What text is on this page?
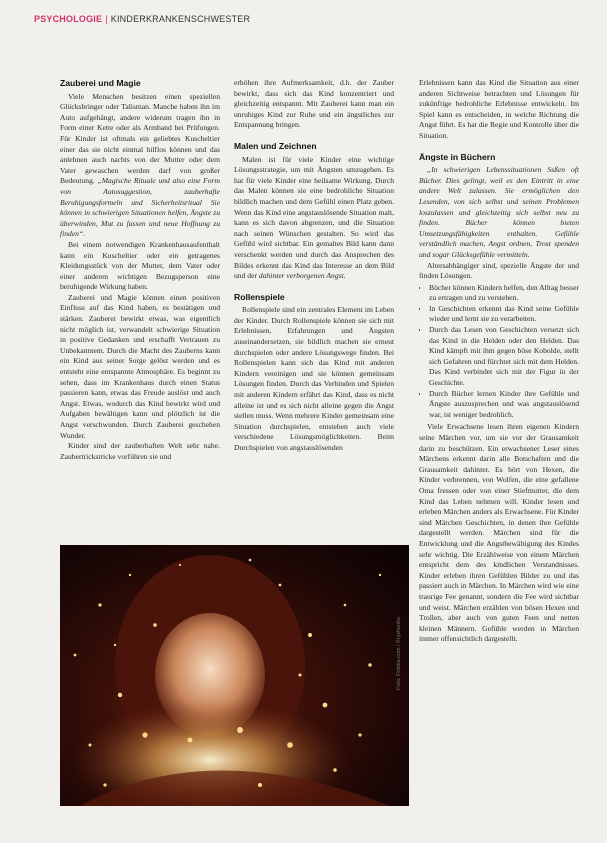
PSYCHOLOGIE | KINDERKRANKENSCHWESTER
Zauberei und Magie

Viele Menschen besitzen einen speziellen Glücksbringer oder Talisman. Manche haben ihn im Auto aufgehängt, andere widerum tragen ihn in Form einer Kette oder als Armband bei Prüfungen. Für Kinder ist oftmals ein geliebtes Kuscheltier einer das sie nicht einmal hilflos können und das anlehnen auch nachts von der Mutter oder dem Vater gewaschen werden darf von großer Bedeutung. „Magische Rituale und also eine Form von Autosuggestion, zauberhafte Beruhigungsformeln und Sicherheitsritual Sie können in schwierigen Situationen helfen, Ängste zu überwinden, Mut zu fassen und neue Hoffnung zu finden“.

Bei einem notwendigen Krankenhausaufenthalt kann ein Kuscheltier oder ein getragenes Kleidungsstück von der Mutter, dem Vater oder einer anderen wichtigen Bezugsperson eine beruhigende Wirkung haben.

Zauberei und Magie können einen positiven Einfluss auf das Kind haben, es bestätigen und stärken. Zauberei bewirkt etwas, was eigentlich nicht möglich ist, verwandelt schwierige Situation in positive Gedanken und erschafft Vertrauen zu Unbekanntem. Durch die Macht des Zauberns kann ein Kind aus seiner Sorge gelöst werden und es entsteht eine entspannte Atmosphäre. Es beginnt zu sehen, dass im Krankenhaus durch einen Status passieren kann, etwas das Freude auslöst und auch Angst. Etwas, wodurch das Kind bewirkt wird und Aufgaben bewältigen kann und plötzlich ist die Angst verschwunden. Durch Zauberei geschehen Wunder.

Kinder sind der zauberhaften Welt sehr nahe. Zaubertrickstricke vorführen sie und

erhöhen ihre Aufmerksamkeit, d.h. der Zauber bewirkt, dass sich das Kind konzentriert und gleichzeitig entspannt. Mit Zauberei kann man ein unruhiges Kind zur Ruhe und ein ängstliches zur Entspannung bringen.

Malen und Zeichnen

Malen ist für viele Kinder eine wichtige Lösungsstrategie, um mit Ängsten umzugehen. Es hat für viele Kinder eine heilsame Wirkung. Durch das Malen können sie eine bedrohliche Situation bildlich machen und dem Gefühl einen Platz geben. Wenn das Kind eine angstauslösende Situation malt, kann es sich davon abgrenzen, und die Situation nach seinen Wünschen gestalten. So wird das Gefühl wird sichtbar. Ein gemaltes Bild kann dann verschenkt werden und durch das Ansprechen des Bildes erkennt das Kind das Interesse an dem Bild und der dahinter verborgenen Angst.

Rollenspiele

Rollenspiele sind ein zentrales Element im Leben der Kinder. Durch Rollenspiele können sie sich mit Erlebnissen, Erfahrungen und Ängsten auseinandersetzen, sie bildlich machen sie erneut durchspielen oder andere Lösungswege finden. Bei Rollenspielen kann sich das Kind mit anderen Kindern vereinigen und sie können gemeinsam Lösungen finden. Durch das Verbinden und Spielen mit anderen Kindern erfährt das Kind, dass es nicht alleine ist und es sich nicht alleine gegen die Angst stellen muss. Wenn mehrere Kinder gemeinsam eine Situation durchspielen, entstehen auch viele verschiedene Lösungsmöglichkeiten. Beim Durchspielen von angstauslösenden

Erlebnissen kann das Kind die Situation aus einer anderen Sichtweise betrachten und Lösungen für zukünftige bedrohliche Erlebnisse entwickeln. Im Spiel kann es entscheiden, in welche Richtung die Angst führt. Es hat die Regie und Kontrolle über die Situation.

Ängste in Büchern

„In schwierigen Lebenssituationen Ssßen oft Bücher. Dies gelingt, weil es den Eintritt in eine andere Welt zulassen. Sie ermöglichen den Lesenden, von sich selbst und seinen Problemen loszulassen und gleichzeitig sich selbst neu zu finden. Bücher können bieten Umsetzungsfähigkeiten enthalten. Gefühle verständlich machen, Angst ordnen, Trost spenden und sogar Glücksgefühle vermitteln.

Altersabhängiger sind, spezielle Ängste der und finden Lösungen.

• Bücher können Kindern helfen, den Alltag besser zu ertragen und zu verstehen.
• In Geschichten erkennt das Kind seine Gefühle wieder und lernt sie zu verarbeiten.
• Durch das Lesen von Geschichten versetzt sich das Kind in die Helden oder den Helden. Das Kind kämpft mit ihm gegen böse Kobolde, stellt sich Gefahren und fürchtet sich mit dem Helden. Das Kind verbindet sich mit der Figur in der Geschichte.
• Durch Bücher lernen Kinder ihre Gefühle und Ängste auszusprechen und was angstauslösend war, ist weniger bedrohlich.

Viele Erwachsene lesen ihren eigenen Kindern seine Märchen vor, um sie vor der Grausamkeit darin zu beschützen. Ein erwachsener Leser eines Märchens erkennt darin alle Botschaften und die Grausamkeit dahinter. Es hört von Hexen, die Kinder verbrennen, von Wolfen, die eine gefallene Oma fressen oder von einer Stiefmutter, die dem Kind das Leben nehmen will. Kinder lesen und erleben Märchen anders als Erwachsene. Für Kinder sind Märchen Geschichten, in denen ihre Gefühle dargestellt werden. Märchen sind für die Entwicklung und die Angstbewältigung des Kindes sehr wichtig. Die Erzählweise von einem Märchen entspricht dem des kindlichen Verstandnisses. Kinder erleben ihren Gefühlen Bilder zu und das passiert auch in Märchen. In Märchen wird wie eine traurige Fee genannt, sondern die Fee wird sichtbar und weist. Märchen erzählen von bösen Hexen und Trollen, aber auch von guten Feen und netten kleinen Männern. Gefühle werden in Märchen immer offensichtlich dargestellt.

Foto: Fotolia.com / Kryshenko
